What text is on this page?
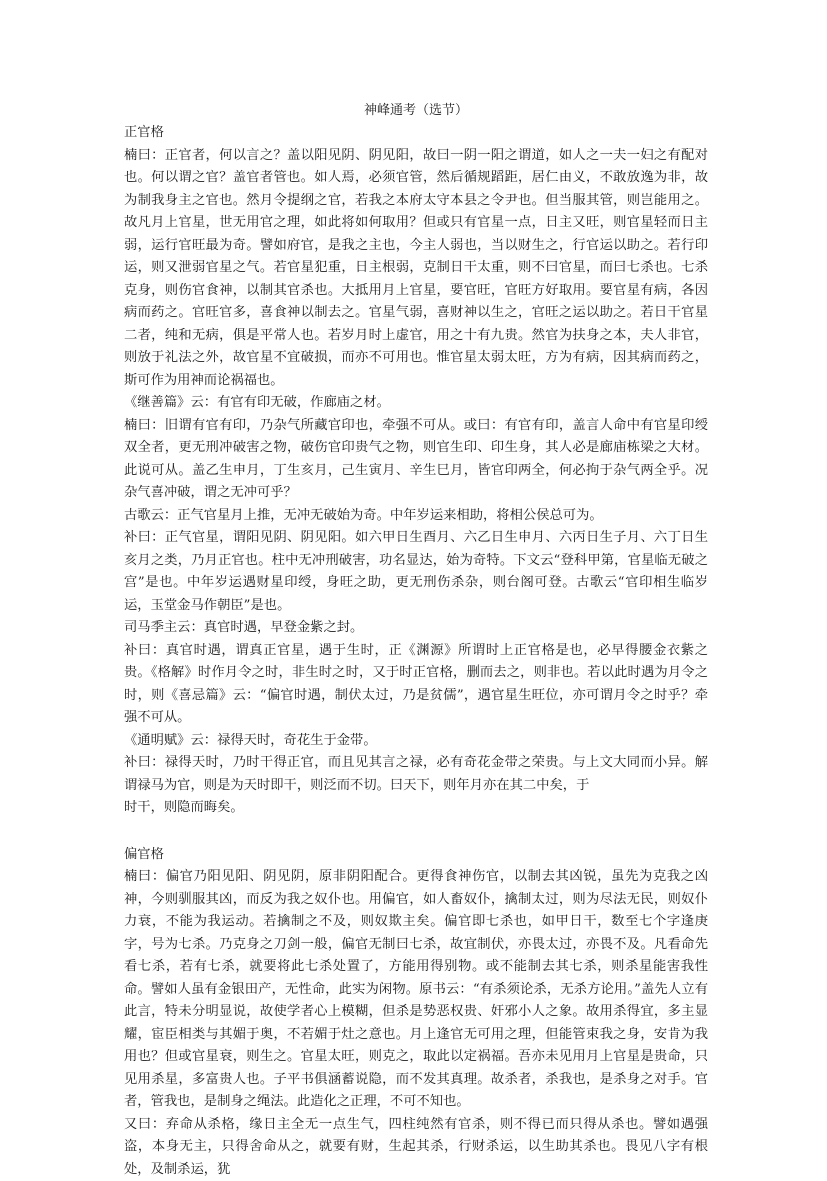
神峰通考（选节）
正官格
楠曰：正官者，何以言之？盖以阳见阴、阴见阳，故曰一阴一阳之谓道，如人之一夫一妇之有配对也。何以谓之官？盖官者管也。如人焉，必须官管，然后循规蹈距，居仁由义，不敢放逸为非，故为制我身主之官也。然月令提纲之官，若我之本府太守本县之令尹也。但当服其管，则岂能用之。故凡月上官星，世无用官之理，如此将如何取用？但或只有官星一点，日主又旺，则官星轻而日主弱，运行官旺最为奇。譬如府官，是我之主也，今主人弱也，当以财生之，行官运以助之。若行印运，则又泄弱官星之气。若官星犯重，日主根弱，克制日干太重，则不曰官星，而曰七杀也。七杀克身，则伤官食神，以制其官杀也。大抵用月上官星，要官旺，官旺方好取用。要官星有病，各因病而药之。官旺官多，喜食神以制去之。官星气弱，喜财神以生之，官旺之运以助之。若日干官星二者，纯和无病，俱是平常人也。若岁月时上虚官，用之十有九贵。然官为扶身之本，夫人非官，则放于礼法之外，故官星不宜破损，而亦不可用也。惟官星太弱太旺，方为有病，因其病而药之，斯可作为用神而论祸福也。
《继善篇》云：有官有印无破，作廊庙之材。
楠曰：旧谓有官有印，乃杂气所藏官印也，牵强不可从。或曰：有官有印，盖言人命中有官星印绶双全者，更无刑冲破害之物，破伤官印贵气之物，则官生印、印生身，其人必是廊庙栋梁之大材。此说可从。盖乙生申月，丁生亥月，己生寅月、辛生巳月，皆官印两全，何必拘于杂气两全乎。况杂气喜冲破，谓之无冲可乎？
古歌云：正气官星月上推，无冲无破始为奇。中年岁运来相助，将相公侯总可为。
补曰：正气官星，谓阳见阴、阴见阳。如六甲日生酉月、六乙日生申月、六丙日生子月、六丁日生亥月之类，乃月正官也。柱中无冲刑破害，功名显达，始为奇特。下文云“登科甲第，官星临无破之宫”是也。中年岁运遇财星印绶，身旺之助，更无刑伤杀杂，则台阁可登。古歌云“官印相生临岁运，玉堂金马作朝臣”是也。
司马季主云：真官时遇，早登金紫之封。
补曰：真官时遇，谓真正官星，遇于生时，正《渊源》所谓时上正官格是也，必早得腰金衣紫之贵。《格解》时作月令之时，非生时之时，又于时正官格，删而去之，则非也。若以此时遇为月令之时，则《喜忌篇》云：“偏官时遇，制伏太过，乃是贫儒”，遇官星生旺位，亦可谓月令之时乎？牵强不可从。
《通明赋》云：禄得天时，奇花生于金带。
补曰：禄得天时，乃时干得正官，而且见其言之禄，必有奇花金带之荣贵。与上文大同而小异。解谓禄马为官，则是为天时即干，则泛而不切。曰天下，则年月亦在其二中矣，于
时干，则隐而晦矣。
偏官格
楠曰：偏官乃阳见阳、阴见阴，原非阴阳配合。更得食神伤官，以制去其凶锐，虽先为克我之凶神，今则驯服其凶，而反为我之奴仆也。用偏官，如人畜奴仆，擒制太过，则为尽法无民，则奴仆力衰，不能为我运动。若擒制之不及，则奴欺主矣。偏官即七杀也，如甲日干，数至七个字逢庚字，号为七杀。乃克身之刀剑一般，偏官无制曰七杀，故宜制伏，亦畏太过，亦畏不及。凡看命先看七杀，若有七杀，就要将此七杀处置了，方能用得别物。或不能制去其七杀，则杀星能害我性命。譬如人虽有金银田产，无性命，此实为闲物。原书云：“有杀须论杀，无杀方论用。”盖先人立有此言，特未分明显说，故使学者心上模糊，但杀是势恶权贵、奸邪小人之象。故用杀得宜，多主显耀，宦臣相类与其媚于奥，不若媚于灶之意也。月上逢官无可用之理，但能管束我之身，安肯为我用也？但或官星衰，则生之。官星太旺，则克之，取此以定祸福。吾亦未见用月上官星是贵命，只见用杀星，多富贵人也。子平书俱涵蓄说隐，而不发其真理。故杀者，杀我也，是杀身之对手。官者，管我也，是制身之绳法。此造化之正理，不可不知也。
又曰：弃命从杀格，缘日主全无一点生气，四柱纯然有官杀，则不得已而只得从杀也。譬如遇强盗，本身无主，只得舍命从之，就要有财，生起其杀，行财杀运，以生助其杀也。畏见八字有根处，及制杀运，犹
